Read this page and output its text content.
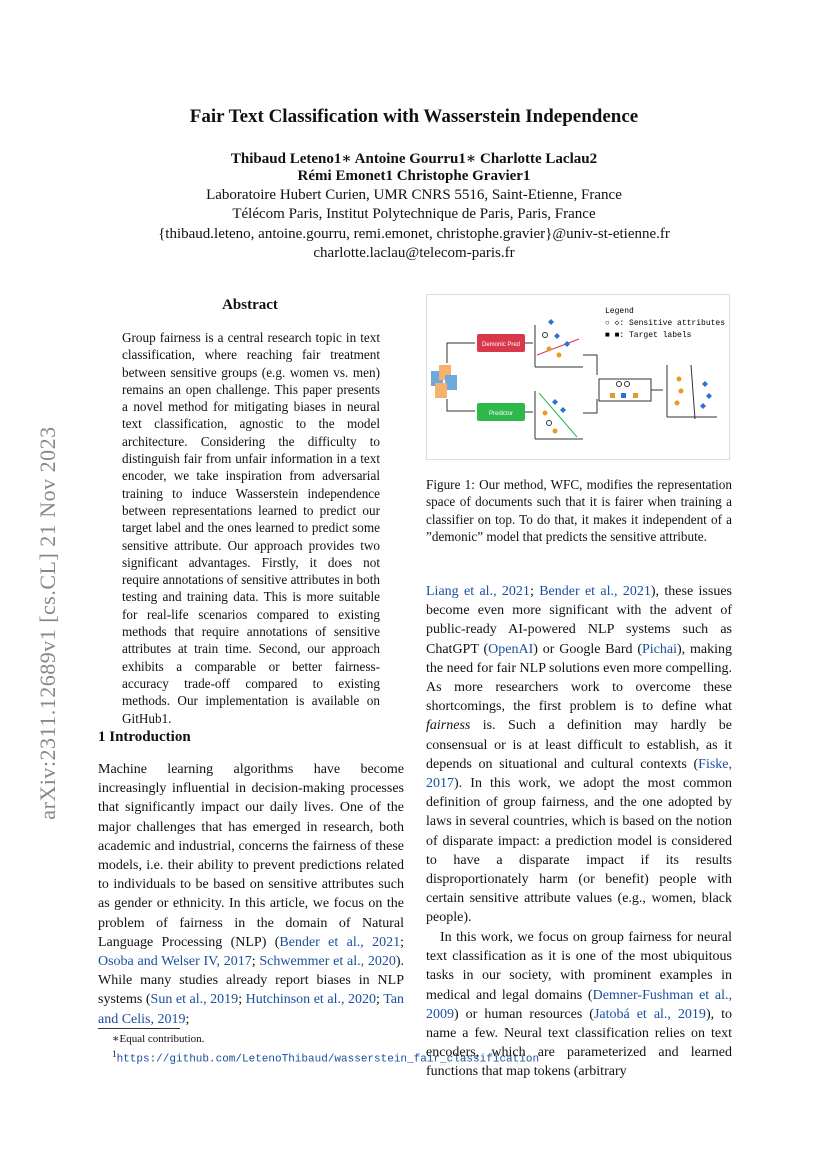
Fair Text Classification with Wasserstein Independence
Thibaud Leteno1∗ Antoine Gourru1∗ Charlotte Laclau2
Rémi Emonet1 Christophe Gravier1
Laboratoire Hubert Curien, UMR CNRS 5516, Saint-Etienne, France
Télécom Paris, Institut Polytechnique de Paris, Paris, France
{thibaud.leteno, antoine.gourru, remi.emonet, christophe.gravier}@univ-st-etienne.fr
charlotte.laclau@telecom-paris.fr
arXiv:2311.12689v1 [cs.CL] 21 Nov 2023
Abstract
Group fairness is a central research topic in text classification, where reaching fair treatment between sensitive groups (e.g. women vs. men) remains an open challenge. This paper presents a novel method for mitigating biases in neural text classification, agnostic to the model architecture. Considering the difficulty to distinguish fair from unfair information in a text encoder, we take inspiration from adversarial training to induce Wasserstein independence between representations learned to predict our target label and the ones learned to predict some sensitive attribute. Our approach provides two significant advantages. Firstly, it does not require annotations of sensitive attributes in both testing and training data. This is more suitable for real-life scenarios compared to existing methods that require annotations of sensitive attributes at train time. Second, our approach exhibits a comparable or better fairness-accuracy trade-off compared to existing methods. Our implementation is available on GitHub1.
Legend
○ ◇: Sensitive attributes
■ ■: Target labels
Demonic Pred
Predictor
Figure 1: Our method, WFC, modifies the representation space of documents such that it is fairer when training a classifier on top. To do that, it makes it independent of a ”demonic” model that predicts the sensitive attribute.
1 Introduction
Machine learning algorithms have become increasingly influential in decision-making processes that significantly impact our daily lives. One of the major challenges that has emerged in research, both academic and industrial, concerns the fairness of these models, i.e. their ability to prevent predictions related to individuals to be based on sensitive attributes such as gender or ethnicity. In this article, we focus on the problem of fairness in the domain of Natural Language Processing (NLP) (Bender et al., 2021; Osoba and Welser IV, 2017; Schwemmer et al., 2020). While many studies already report biases in NLP systems (Sun et al., 2019; Hutchinson et al., 2020; Tan and Celis, 2019;
∗Equal contribution.
$^1$https://github.com/LetenoThibaud/wasserstein_fair_classification
Liang et al., 2021; Bender et al., 2021), these issues become even more significant with the advent of public-ready AI-powered NLP systems such as ChatGPT (OpenAI) or Google Bard (Pichai), making the need for fair NLP solutions even more compelling. As more researchers work to overcome these shortcomings, the first problem is to define what fairness is. Such a definition may hardly be consensual or is at least difficult to establish, as it depends on situational and cultural contexts (Fiske, 2017). In this work, we adopt the most common definition of group fairness, and the one adopted by laws in several countries, which is based on the notion of disparate impact: a prediction model is considered to have a disparate impact if its results disproportionately harm (or benefit) people with certain sensitive attribute values (e.g., women, black people).
In this work, we focus on group fairness for neural text classification as it is one of the most ubiquitous tasks in our society, with prominent examples in medical and legal domains (Demner-Fushman et al., 2009) or human resources (Jatobá et al., 2019), to name a few. Neural text classification relies on text encoders, which are parameterized and learned functions that map tokens (arbitrary
